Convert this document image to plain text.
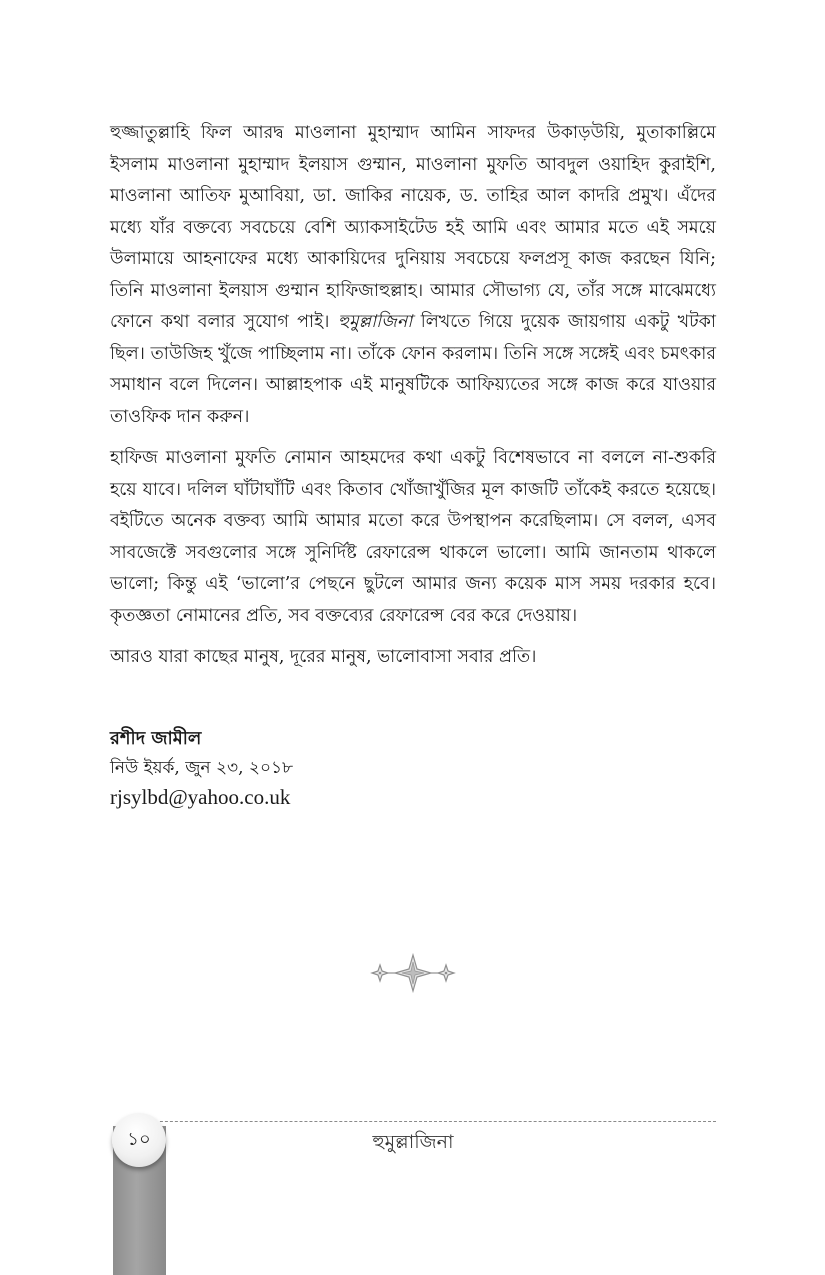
হুজ্জাতুল্লাহি ফিল আরদ্ব মাওলানা মুহাম্মাদ আমিন সাফদর উকাড়উয়ি, মুতাকাল্লিমে ইসলাম মাওলানা মুহাম্মাদ ইলয়াস গুম্মান, মাওলানা মুফতি আবদুল ওয়াহিদ কুরাইশি, মাওলানা আতিফ মুআবিয়া, ডা. জাকির নায়েক, ড. তাহির আল কাদরি প্রমুখ। এঁদের মধ্যে যাঁর বক্তব্যে সবচেয়ে বেশি অ্যাকসাইটেড হই আমি এবং আমার মতে এই সময়ে উলামায়ে আহনাফের মধ্যে আকায়িদের দুনিয়ায় সবচেয়ে ফলপ্রসূ কাজ করছেন যিনি; তিনি মাওলানা ইলয়াস গুম্মান হাফিজাহুল্লাহ। আমার সৌভাগ্য যে, তাঁর সঙ্গে মাঝেমধ্যে ফোনে কথা বলার সুযোগ পাই। হুমুল্লাজিনা লিখতে গিয়ে দুয়েক জায়গায় একটু খটকা ছিল। তাউজিহ খুঁজে পাচ্ছিলাম না। তাঁকে ফোন করলাম। তিনি সঙ্গে সঙ্গেই এবং চমৎকার সমাধান বলে দিলেন। আল্লাহপাক এই মানুষটিকে আফিয়্যতের সঙ্গে কাজ করে যাওয়ার তাওফিক দান করুন।

হাফিজ মাওলানা মুফতি নোমান আহমদের কথা একটু বিশেষভাবে না বললে না-শুকরি হয়ে যাবে। দলিল ঘাঁটাঘাঁটি এবং কিতাব খোঁজাখুঁজির মূল কাজটি তাঁকেই করতে হয়েছে। বইটিতে অনেক বক্তব্য আমি আমার মতো করে উপস্থাপন করেছিলাম। সে বলল, এসব সাবজেক্টে সবগুলোর সঙ্গে সুনির্দিষ্ট রেফারেন্স থাকলে ভালো। আমি জানতাম থাকলে ভালো; কিন্তু এই ‘ভালো’র পেছনে ছুটলে আমার জন্য কয়েক মাস সময় দরকার হবে। কৃতজ্ঞতা নোমানের প্রতি, সব বক্তব্যের রেফারেন্স বের করে দেওয়ায়।

আরও যারা কাছের মানুষ, দূরের মানুষ, ভালোবাসা সবার প্রতি।

রশীদ জামীল
নিউ ইয়র্ক, জুন ২৩, ২০১৮
rjsylbd@yahoo.co.uk
১০	হুমুল্লাজিনা
